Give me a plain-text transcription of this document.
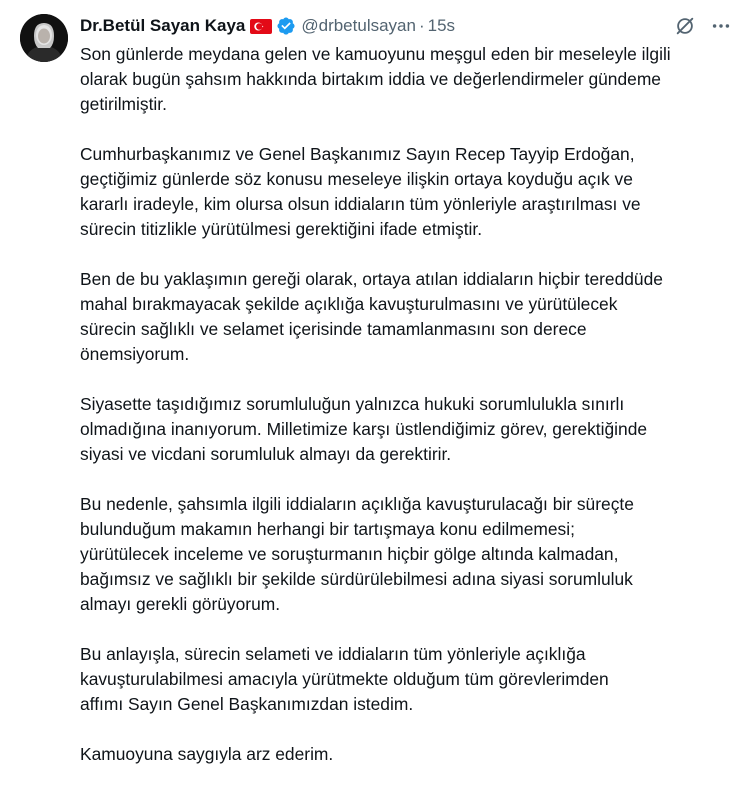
Dr.Betül Sayan Kaya	@drbetulsayan · 15s

Son günlerde meydana gelen ve kamuoyunu meşgul eden bir meseleyle ilgili
olarak bugün şahsım hakkında birtakım iddia ve değerlendirmeler gündeme
getirilmiştir.

Cumhurbaşkanımız ve Genel Başkanımız Sayın Recep Tayyip Erdoğan,
geçtiğimiz günlerde söz konusu meseleye ilişkin ortaya koyduğu açık ve
kararlı iradeyle, kim olursa olsun iddiaların tüm yönleriyle araştırılması ve
sürecin titizlikle yürütülmesi gerektiğini ifade etmiştir.

Ben de bu yaklaşımın gereği olarak, ortaya atılan iddiaların hiçbir tereddüde
mahal bırakmayacak şekilde açıklığa kavuşturulmasını ve yürütülecek
sürecin sağlıklı ve selamet içerisinde tamamlanmasını son derece
önemsiyorum.

Siyasette taşıdığımız sorumluluğun yalnızca hukuki sorumlulukla sınırlı
olmadığına inanıyorum. Milletimize karşı üstlendiğimiz görev, gerektiğinde
siyasi ve vicdani sorumluluk almayı da gerektirir.

Bu nedenle, şahsımla ilgili iddiaların açıklığa kavuşturulacağı bir süreçte
bulunduğum makamın herhangi bir tartışmaya konu edilmemesi;
yürütülecek inceleme ve soruşturmanın hiçbir gölge altında kalmadan,
bağımsız ve sağlıklı bir şekilde sürdürülebilmesi adına siyasi sorumluluk
almayı gerekli görüyorum.

Bu anlayışla, sürecin selameti ve iddiaların tüm yönleriyle açıklığa
kavuşturulabilmesi amacıyla yürütmekte olduğum tüm görevlerimden
affımı Sayın Genel Başkanımızdan istedim.

Kamuoyuna saygıyla arz ederim.
